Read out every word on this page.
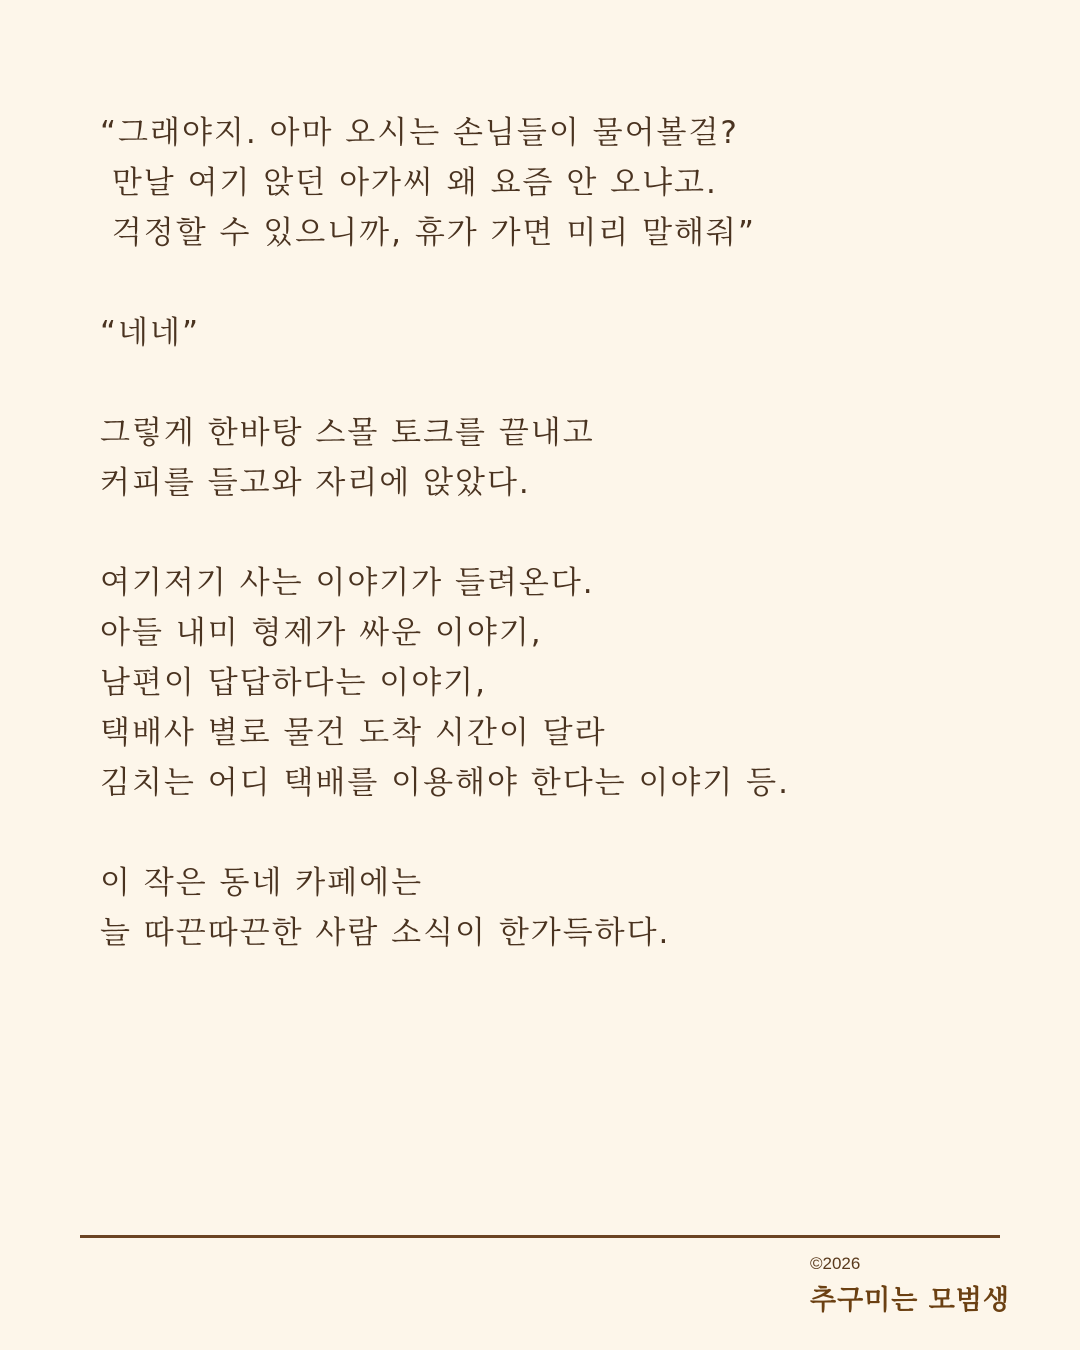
“그래야지. 아마 오시는 손님들이 물어볼걸?
만날 여기 앉던 아가씨 왜 요즘 안 오냐고.
걱정할 수 있으니까, 휴가 가면 미리 말해줘”
“네네”
그렇게 한바탕 스몰 토크를 끝내고
커피를 들고와 자리에 앉았다.
여기저기 사는 이야기가 들려온다.
아들 내미 형제가 싸운 이야기,
남편이 답답하다는 이야기,
택배사 별로 물건 도착 시간이 달라
김치는 어디 택배를 이용해야 한다는 이야기 등.
이 작은 동네 카페에는
늘 따끈따끈한 사람 소식이 한가득하다.
©2026
추구미는 모범생
